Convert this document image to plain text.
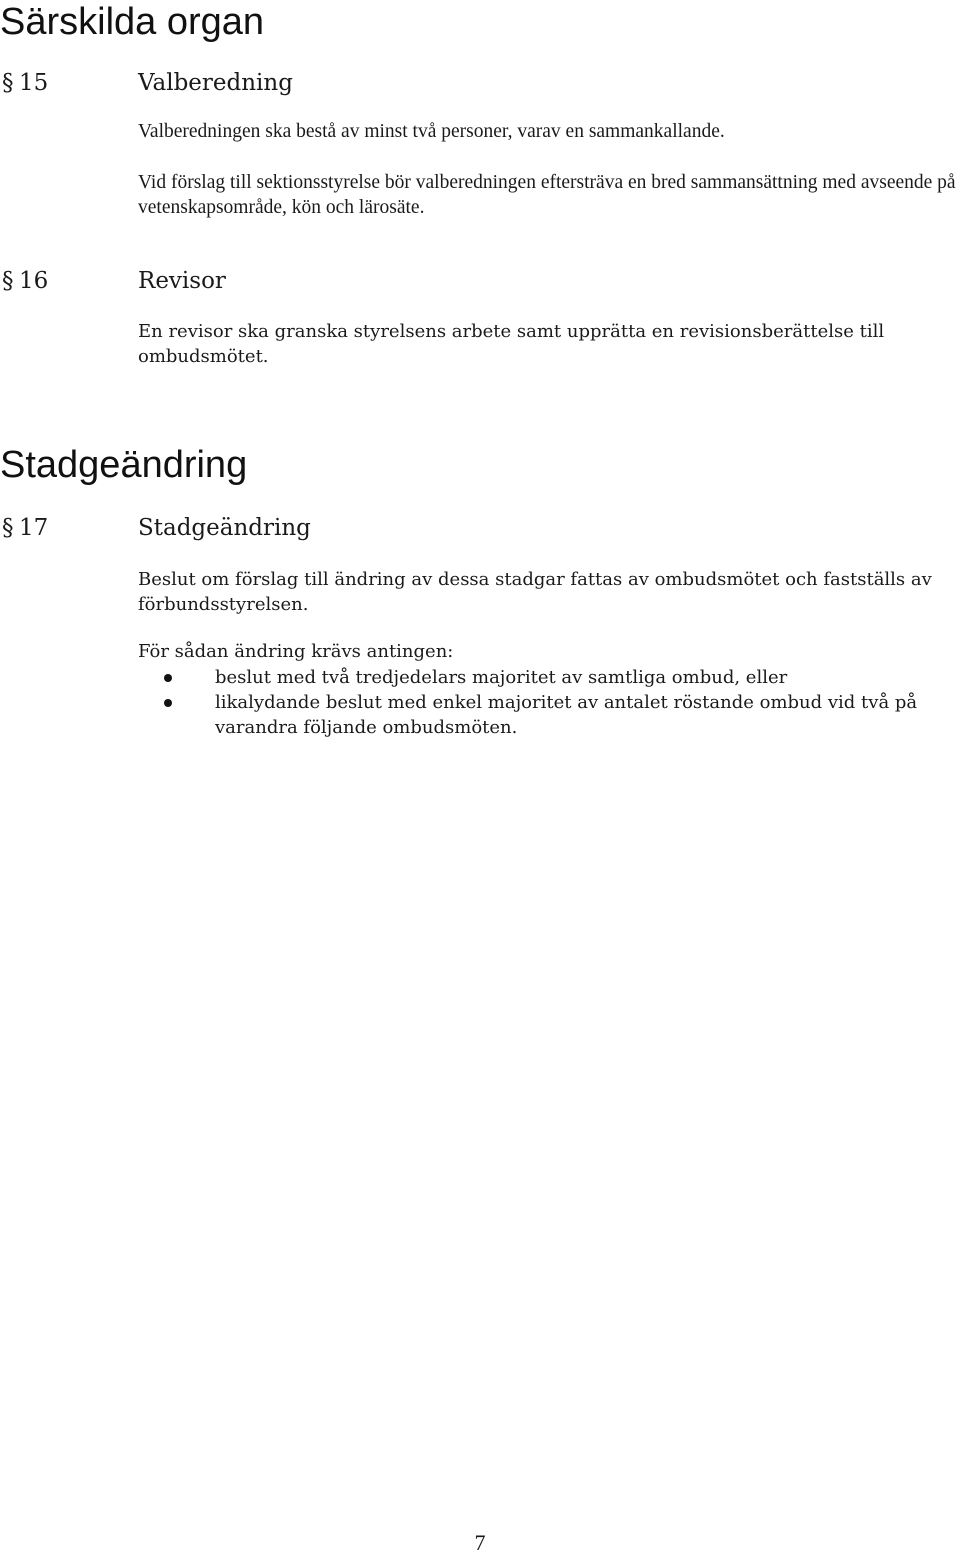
Särskilda organ
§ 15	Valberedning

Valberedningen ska bestå av minst två personer, varav en sammankallande.

Vid förslag till sektionsstyrelse bör valberedningen eftersträva en bred sammansättning med avseende på vetenskapsområde, kön och lärosäte.

§ 16	Revisor

En revisor ska granska styrelsens arbete samt upprätta en revisionsberättelse till ombudsmötet.

Stadgeändring
§ 17	Stadgeändring

Beslut om förslag till ändring av dessa stadgar fattas av ombudsmötet och fastställs av förbundsstyrelsen.

För sådan ändring krävs antingen:

beslut med två tredjedelars majoritet av samtliga ombud, eller
likalydande beslut med enkel majoritet av antalet röstande ombud vid två på varandra följande ombudsmöten.
7
